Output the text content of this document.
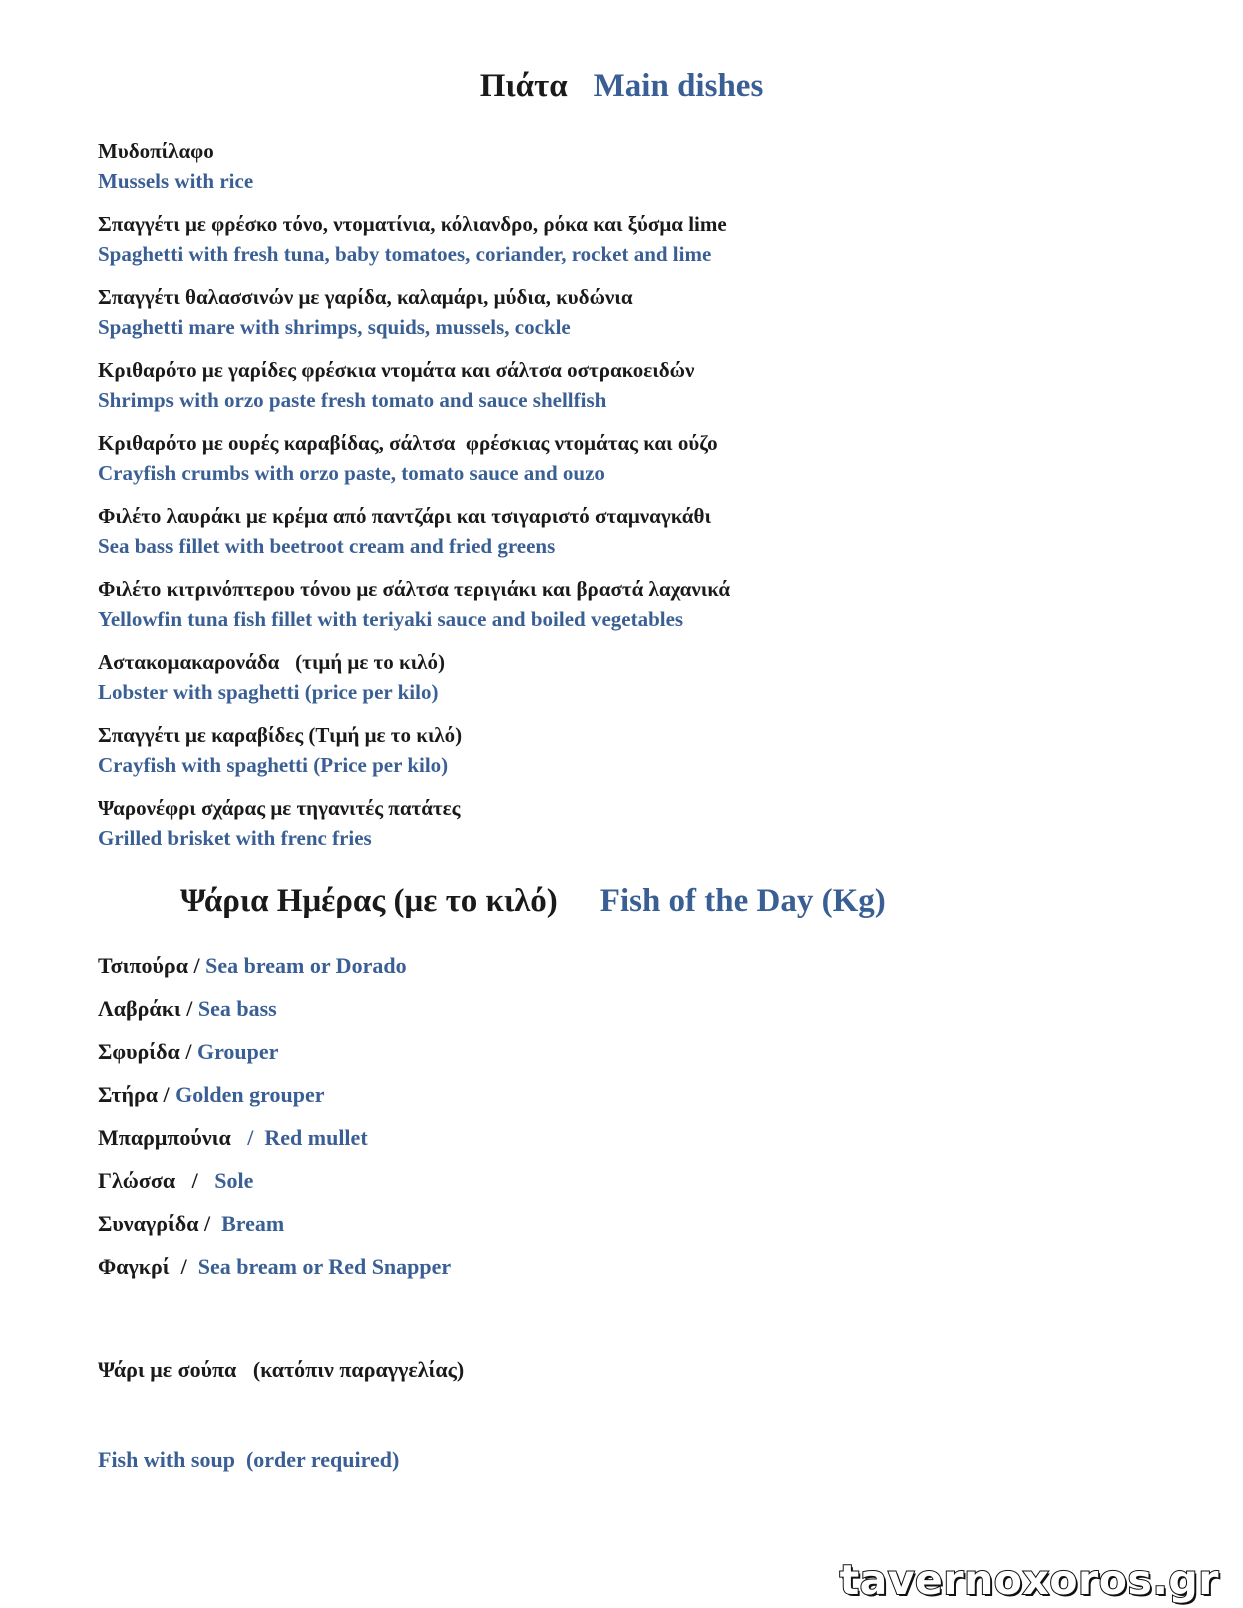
Πιάτα Main dishes
Μυδοπίλαφο
Mussels with rice
Σπαγγέτι με φρέσκο τόνο, ντοματίνια, κόλιανδρο, ρόκα και ξύσμα lime
Spaghetti with fresh tuna, baby tomatoes, coriander, rocket and lime
Σπαγγέτι θαλασσινών με γαρίδα, καλαμάρι, μύδια, κυδώνια
Spaghetti mare with shrimps, squids, mussels, cockle
Κριθαρότο με γαρίδες φρέσκια ντομάτα και σάλτσα οστρακοειδών
Shrimps with orzo paste fresh tomato and sauce shellfish
Κριθαρότο με ουρές καραβίδας, σάλτσα  φρέσκιας ντομάτας και ούζο
Crayfish crumbs with orzo paste, tomato sauce and ouzo
Φιλέτο λαυράκι με κρέμα από παντζάρι και τσιγαριστό σταμναγκάθι
Sea bass fillet with beetroot cream and fried greens
Φιλέτο κιτρινόπτερου τόνου με σάλτσα τεριγιάκι και βραστά λαχανικά
Yellowfin tuna fish fillet with teriyaki sauce and boiled vegetables
Αστακομακαρονάδα   (τιμή με το κιλό)
Lobster with spaghetti (price per kilo)
Σπαγγέτι με καραβίδες (Τιμή με το κιλό)
Crayfish with spaghetti (Price per kilo)
Ψαρονέφρι σχάρας με τηγανιτές πατάτες
Grilled brisket with frenc fries
Ψάρια Ημέρας (με το κιλό) Fish of the Day (Kg)
Τσιπούρα / Sea bream or Dorado
Λαβράκι / Sea bass
Σφυρίδα / Grouper
Στήρα / Golden grouper
Μπαρμπούνια   /  Red mullet
Γλώσσα   /   Sole
Συναγρίδα /  Bream
Φαγκρί  /  Sea bream or Red Snapper

Ψάρι με σούπα   (κατόπιν παραγγελίας)

Fish with soup  (order required)

tavernoxoros.gr
